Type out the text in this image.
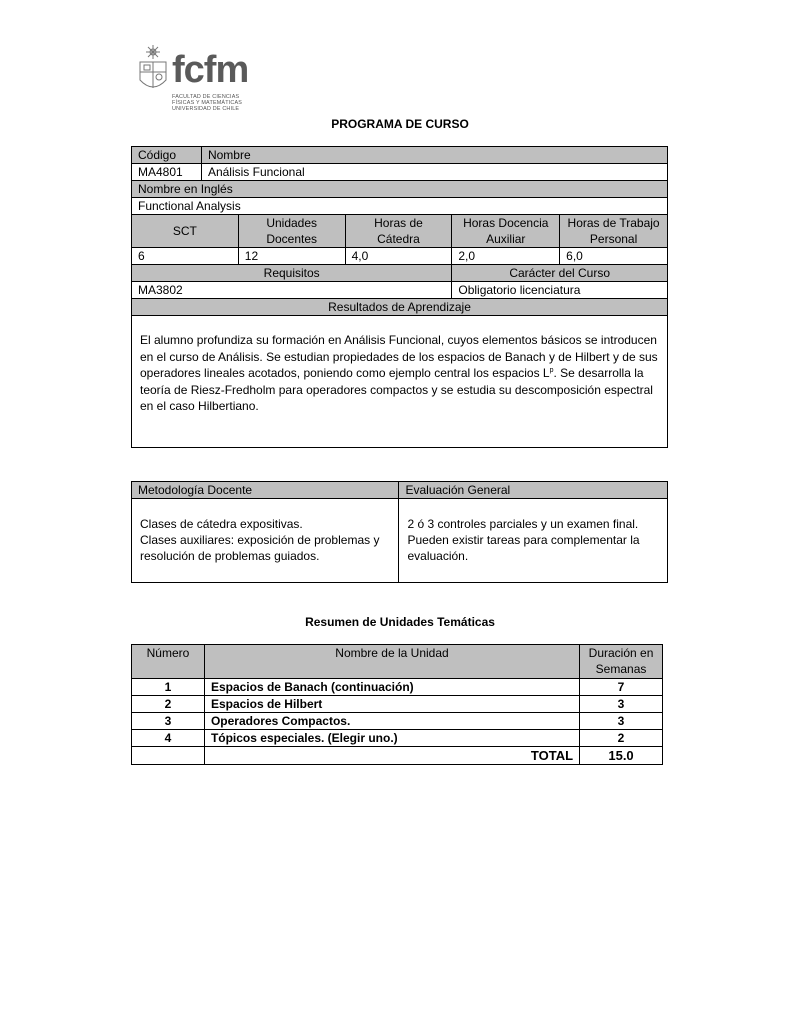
fcfm
FACULTAD DE CIENCIAS
FÍSICAS Y MATEMÁTICAS
UNIVERSIDAD DE CHILE
PROGRAMA DE CURSO
Código	Nombre				
MA4801	Análisis Funcional				
Nombre en Inglés					
Functional Analysis					
SCT		Unidades Docentes	Horas de Cátedra	Horas Docencia Auxiliar	Horas de Trabajo Personal
6		12	4,0	2,0	6,0
Requisitos				Carácter del Curso	
MA3802				Obligatorio licenciatura	
Resultados de Aprendizaje					

El alumno profundiza su formación en Análisis Funcional, cuyos elementos básicos se introducen en el curso de Análisis. Se estudian propiedades de los espacios de Banach y de Hilbert y de sus operadores lineales acotados, poniendo como ejemplo central los espacios $L^p$. Se desarrolla la teoría de Riesz-Fredholm para operadores compactos y se estudia su descomposición espectral en el caso Hilbertiano.					
Metodología Docente	Evaluación General

Clases de cátedra expositivas.
Clases auxiliares: exposición de problemas y resolución de problemas guiados.	2 ó 3 controles parciales y un examen final. Pueden existir tareas para complementar la evaluación.
Resumen de Unidades Temáticas
Número	Nombre de la Unidad	Duración en Semanas
1	Espacios de Banach (continuación)	7
2	Espacios de Hilbert	3
3	Operadores Compactos.	3
4	Tópicos especiales. (Elegir uno.)	2
	TOTAL	15.0
